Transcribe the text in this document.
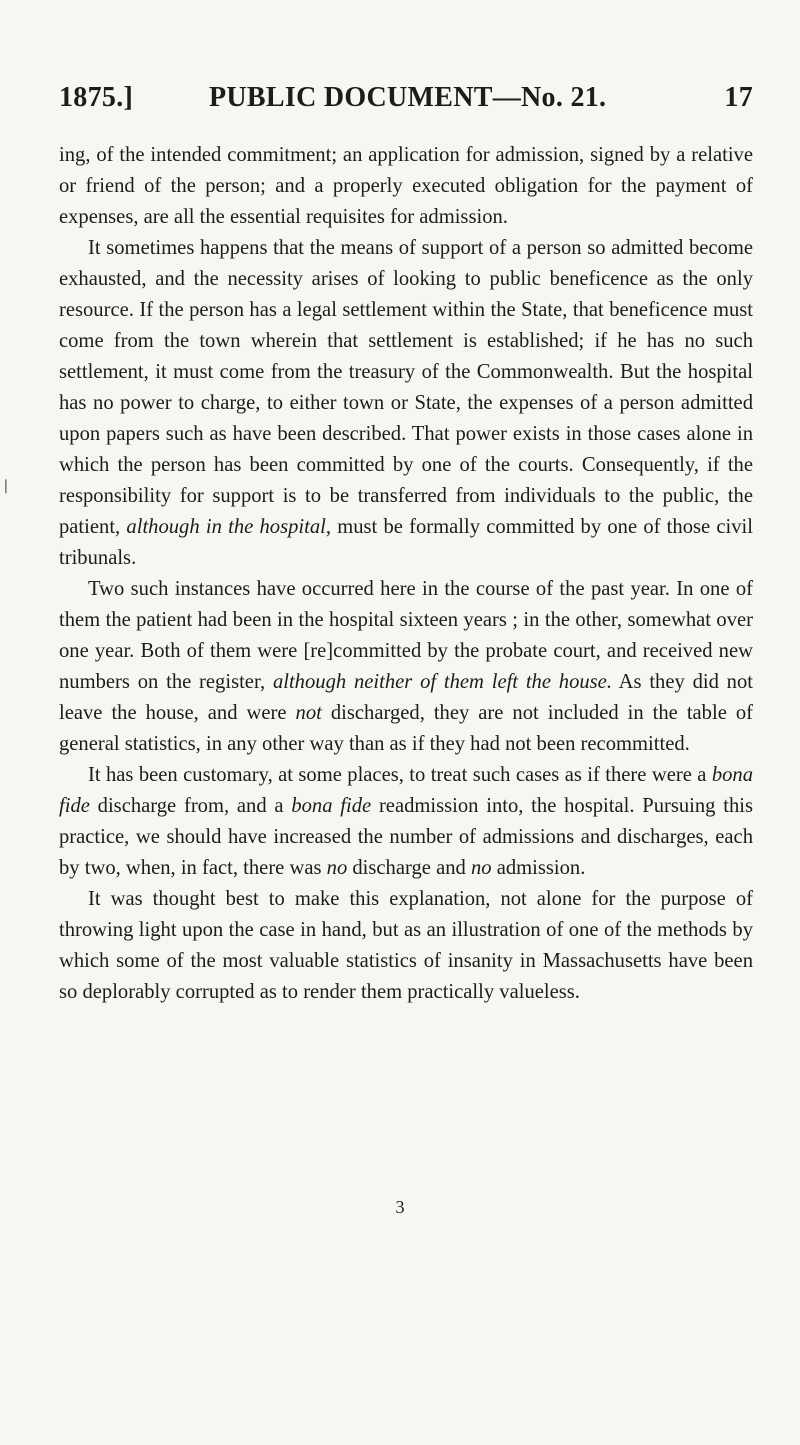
❘
1875.]	PUBLIC DOCUMENT—No. 21.	17

ing, of the intended commitment; an application for admission, signed by a relative or friend of the person; and a properly executed obligation for the payment of expenses, are all the essential requisites for admission.

It sometimes happens that the means of support of a person so admitted become exhausted, and the necessity arises of looking to public beneficence as the only resource. If the person has a legal settlement within the State, that beneficence must come from the town wherein that settlement is established; if he has no such settlement, it must come from the treasury of the Commonwealth. But the hospital has no power to charge, to either town or State, the expenses of a person admitted upon papers such as have been described. That power exists in those cases alone in which the person has been committed by one of the courts. Consequently, if the responsibility for support is to be transferred from individuals to the public, the patient, although in the hospital, must be formally committed by one of those civil tribunals.

Two such instances have occurred here in the course of the past year. In one of them the patient had been in the hospital sixteen years ; in the other, somewhat over one year. Both of them were [re]committed by the probate court, and received new numbers on the register, although neither of them left the house. As they did not leave the house, and were not discharged, they are not included in the table of general statistics, in any other way than as if they had not been recommitted.

It has been customary, at some places, to treat such cases as if there were a bona fide discharge from, and a bona fide readmission into, the hospital. Pursuing this practice, we should have increased the number of admissions and discharges, each by two, when, in fact, there was no discharge and no admission.

It was thought best to make this explanation, not alone for the purpose of throwing light upon the case in hand, but as an illustration of one of the methods by which some of the most valuable statistics of insanity in Massachusetts have been so deplorably corrupted as to render them practically valueless.

3
